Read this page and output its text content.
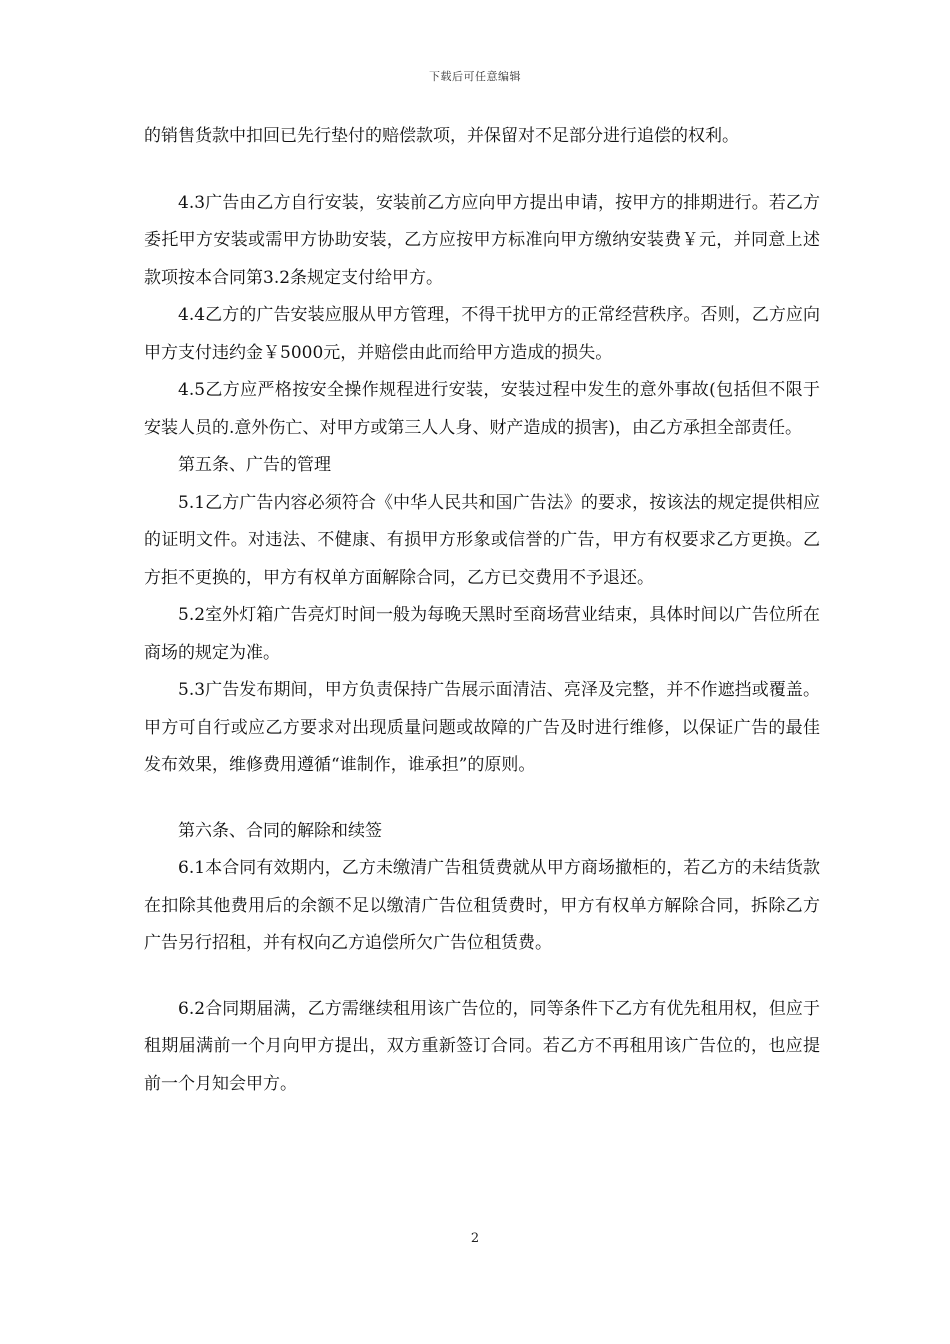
下载后可任意编辑

的销售货款中扣回已先行垫付的赔偿款项，并保留对不足部分进行追偿的权利。

4.3广告由乙方自行安装，安装前乙方应向甲方提出申请，按甲方的排期进行。若乙方委托甲方安装或需甲方协助安装，乙方应按甲方标准向甲方缴纳安装费￥元，并同意上述款项按本合同第3.2条规定支付给甲方。

4.4乙方的广告安装应服从甲方管理，不得干扰甲方的正常经营秩序。否则，乙方应向甲方支付违约金￥5000元，并赔偿由此而给甲方造成的损失。

4.5乙方应严格按安全操作规程进行安装，安装过程中发生的意外事故(包括但不限于安装人员的.意外伤亡、对甲方或第三人人身、财产造成的损害)，由乙方承担全部责任。

第五条、广告的管理

5.1乙方广告内容必须符合《中华人民共和国广告法》的要求，按该法的规定提供相应的证明文件。对违法、不健康、有损甲方形象或信誉的广告，甲方有权要求乙方更换。乙方拒不更换的，甲方有权单方面解除合同，乙方已交费用不予退还。

5.2室外灯箱广告亮灯时间一般为每晚天黑时至商场营业结束，具体时间以广告位所在商场的规定为准。

5.3广告发布期间，甲方负责保持广告展示面清洁、亮泽及完整，并不作遮挡或覆盖。甲方可自行或应乙方要求对出现质量问题或故障的广告及时进行维修，以保证广告的最佳发布效果，维修费用遵循“谁制作，谁承担”的原则。

第六条、合同的解除和续签

6.1本合同有效期内，乙方未缴清广告租赁费就从甲方商场撤柜的，若乙方的未结货款在扣除其他费用后的余额不足以缴清广告位租赁费时，甲方有权单方解除合同，拆除乙方广告另行招租，并有权向乙方追偿所欠广告位租赁费。

6.2合同期届满，乙方需继续租用该广告位的，同等条件下乙方有优先租用权，但应于租期届满前一个月向甲方提出，双方重新签订合同。若乙方不再租用该广告位的，也应提前一个月知会甲方。

2
